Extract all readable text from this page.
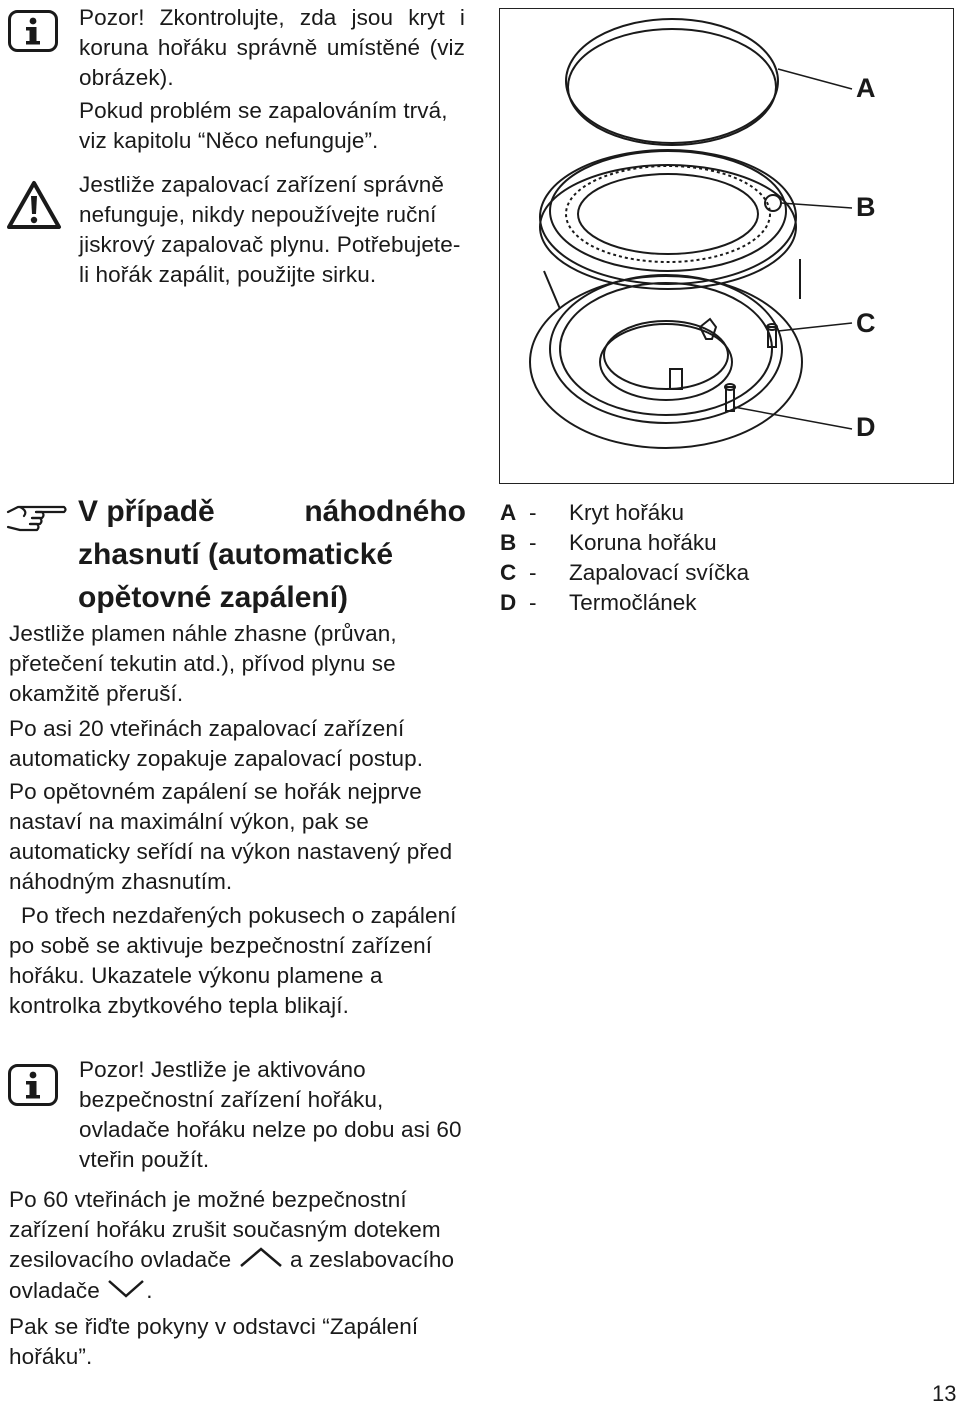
Pozor! Zkontrolujte, zda jsou kryt i koruna hořáku správně umístěné (viz obrázek).

Pokud problém se zapalováním trvá, viz kapitolu “Něco nefunguje”.

Jestliže zapalovací zařízení správně nefunguje, nikdy nepoužívejte ruční jiskrový zapalovač plynu. Potřebujete-li hořák zapálit, použijte sirku.

A
B
C
D
V případě	náhodného
zhasnutí (automatické
opětovné zapálení)
A - Kryt hořáku
B - Koruna hořáku
C - Zapalovací svíčka
D - Termočlánek

Jestliže plamen náhle zhasne (průvan, přetečení tekutin atd.), přívod plynu se okamžitě přeruší.

Po asi 20 vteřinách zapalovací zařízení automaticky zopakuje zapalovací postup.

Po opětovném zapálení se hořák nejprve nastaví na maximální výkon, pak se automaticky seřídí na výkon nastavený před náhodným zhasnutím.

Po třech nezdařených pokusech o zapálení po sobě se aktivuje bezpečnostní zařízení hořáku. Ukazatele výkonu plamene a kontrolka zbytkového tepla blikají.

Pozor! Jestliže je aktivováno bezpečnostní zařízení hořáku, ovladače hořáku nelze po dobu asi 60 vteřin použít.

Po 60 vteřinách je možné bezpečnostní zařízení hořáku zrušit současným dotekem zesilovacího ovladače	a zeslabovacího ovladače .

Pak se řiďte pokyny v odstavci “Zapálení hořáku”.

13
